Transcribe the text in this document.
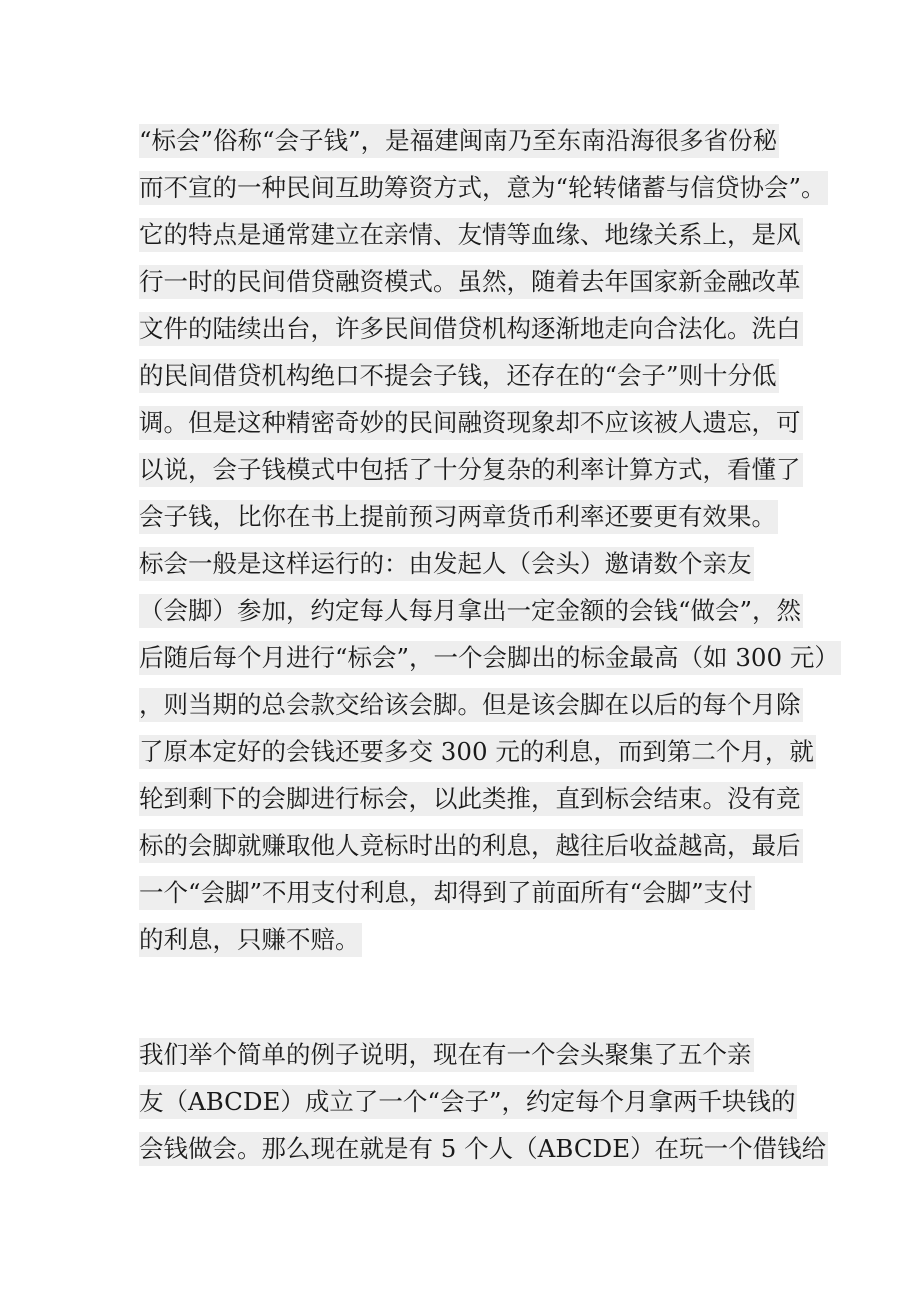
“标会”俗称“会子钱”，是福建闽南乃至东南沿海很多省份秘
而不宣的一种民间互助筹资方式，意为“轮转储蓄与信贷协会”。
它的特点是通常建立在亲情、友情等血缘、地缘关系上，是风
行一时的民间借贷融资模式。虽然，随着去年国家新金融改革
文件的陆续出台，许多民间借贷机构逐渐地走向合法化。洗白
的民间借贷机构绝口不提会子钱，还存在的“会子”则十分低
调。但是这种精密奇妙的民间融资现象却不应该被人遗忘，可
以说，会子钱模式中包括了十分复杂的利率计算方式，看懂了
会子钱，比你在书上提前预习两章货币利率还要更有效果。
标会一般是这样运行的：由发起人（会头）邀请数个亲友
（会脚）参加，约定每人每月拿出一定金额的会钱“做会”，然
后随后每个月进行“标会”，一个会脚出的标金最高（如 300 元）
，则当期的总会款交给该会脚。但是该会脚在以后的每个月除
了原本定好的会钱还要多交 300 元的利息，而到第二个月，就
轮到剩下的会脚进行标会，以此类推，直到标会结束。没有竞
标的会脚就赚取他人竞标时出的利息，越往后收益越高，最后
一个“会脚”不用支付利息，却得到了前面所有“会脚”支付
的利息，只赚不赔。
我们举个简单的例子说明，现在有一个会头聚集了五个亲
友（ABCDE）成立了一个“会子”，约定每个月拿两千块钱的
会钱做会。那么现在就是有 5 个人（ABCDE）在玩一个借钱给
